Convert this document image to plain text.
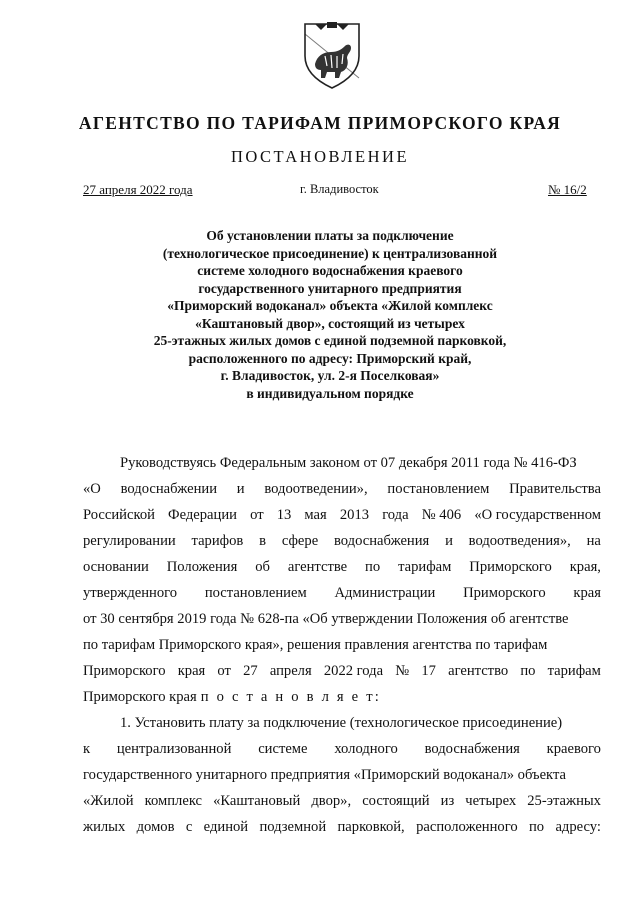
АГЕНТСТВО ПО ТАРИФАМ ПРИМОРСКОГО КРАЯ
ПОСТАНОВЛЕНИЕ
27 апреля 2022 года	г. Владивосток	№ 16/2
Об установлении платы за подключение
(технологическое присоединение) к централизованной
системе холодного водоснабжения краевого
государственного унитарного предприятия
«Приморский водоканал» объекта «Жилой комплекс
«Каштановый двор», состоящий из четырех
25-этажных жилых домов с единой подземной парковкой,
расположенного по адресу: Приморский край,
г. Владивосток, ул. 2-я Поселковая»
в индивидуальном порядке
Руководствуясь Федеральным законом от 07 декабря 2011 года № 416-ФЗ
«О водоснабжении и водоотведении», постановлением Правительства
Российской Федерации от 13 мая 2013 года № 406 «О государственном
регулировании тарифов в сфере водоснабжения и водоотведения», на
основании Положения об агентстве по тарифам Приморского края,
утвержденного постановлением Администрации Приморского края
от 30 сентября 2019 года № 628-па «Об утверждении Положения об агентстве
по тарифам Приморского края», решения правления агентства по тарифам
Приморского края от 27 апреля 2022 года № 17 агентство по тарифам
Приморского края п о с т а н о в л я е т:
1. Установить плату за подключение (технологическое присоединение)
к централизованной системе холодного водоснабжения краевого
государственного унитарного предприятия «Приморский водоканал» объекта
«Жилой комплекс «Каштановый двор», состоящий из четырех 25-этажных
жилых домов с единой подземной парковкой, расположенного по адресу:
